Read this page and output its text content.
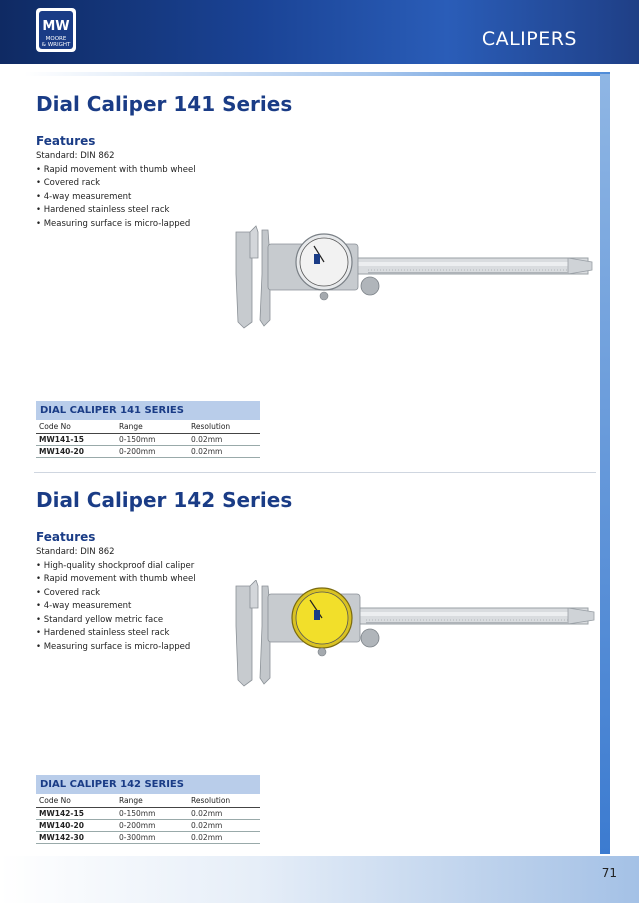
MW
MOORE
& WRIGHT	CALIPERS
Dial Caliper 141 Series
Features
Standard: DIN 862
• Rapid movement with thumb wheel
• Covered rack
• 4-way measurement
• Hardened stainless steel rack
• Measuring surface is micro-lapped
DIAL CALIPER 141 SERIES
Code No	Range	Resolution
MW141-15	0-150mm	0.02mm
MW140-20	0-200mm	0.02mm
Dial Caliper 142 Series
Features
Standard: DIN 862
• High-quality shockproof dial caliper
• Rapid movement with thumb wheel
• Covered rack
• 4-way measurement
• Standard yellow metric face
• Hardened stainless steel rack
• Measuring surface is micro-lapped
DIAL CALIPER 142 SERIES
Code No	Range	Resolution
MW142-15	0-150mm	0.02mm
MW140-20	0-200mm	0.02mm
MW142-30	0-300mm	0.02mm
71
